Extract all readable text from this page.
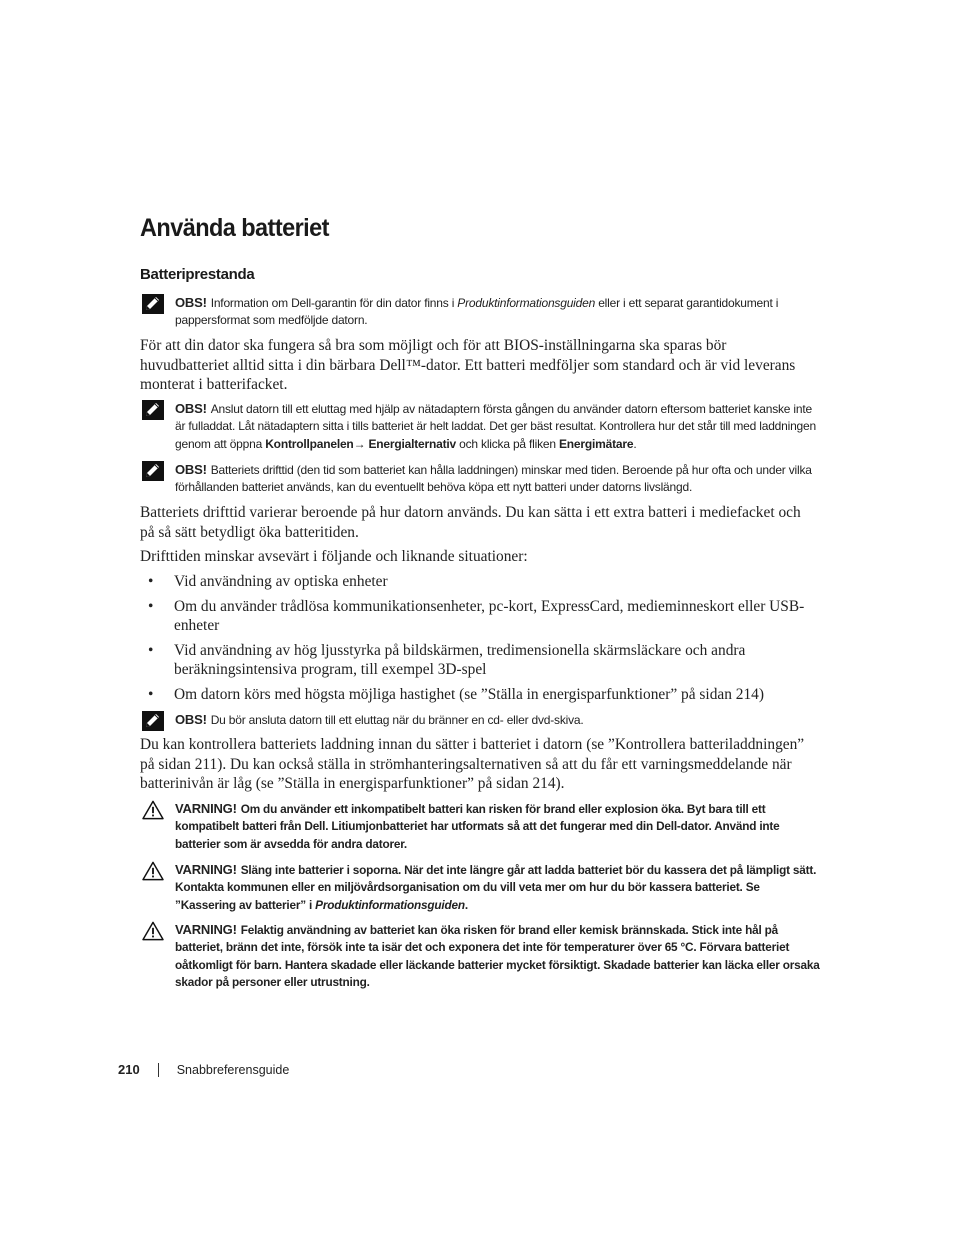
Använda batteriet
Batteriprestanda
OBS! Information om Dell-garantin för din dator finns i Produktinformationsguiden eller i ett separat garantidokument i pappersformat som medföljde datorn.

För att din dator ska fungera så bra som möjligt och för att BIOS-inställningarna ska sparas bör huvudbatteriet alltid sitta i din bärbara Dell™-dator. Ett batteri medföljer som standard och är vid leverans monterat i batterifacket.

OBS! Anslut datorn till ett eluttag med hjälp av nätadaptern första gången du använder datorn eftersom batteriet kanske inte är fulladdat. Låt nätadaptern sitta i tills batteriet är helt laddat. Det ger bäst resultat. Kontrollera hur det står till med laddningen genom att öppna Kontrollpanelen→ Energialternativ och klicka på fliken Energimätare.
OBS! Batteriets drifttid (den tid som batteriet kan hålla laddningen) minskar med tiden. Beroende på hur ofta och under vilka förhållanden batteriet används, kan du eventuellt behöva köpa ett nytt batteri under datorns livslängd.

Batteriets drifttid varierar beroende på hur datorn används. Du kan sätta i ett extra batteri i mediefacket och på så sätt betydligt öka batteritiden.

Drifttiden minskar avsevärt i följande och liknande situationer:

• Vid användning av optiska enheter
• Om du använder trådlösa kommunikationsenheter, pc-kort, ExpressCard, medieminneskort eller USB-enheter
• Vid användning av hög ljusstyrka på bildskärmen, tredimensionella skärmsläckare och andra beräkningsintensiva program, till exempel 3D-spel
• Om datorn körs med högsta möjliga hastighet (se ”Ställa in energisparfunktioner” på sidan 214)
OBS! Du bör ansluta datorn till ett eluttag när du bränner en cd- eller dvd-skiva.

Du kan kontrollera batteriets laddning innan du sätter i batteriet i datorn (se ”Kontrollera batteriladdningen” på sidan 211). Du kan också ställa in strömhanteringsalternativen så att du får ett varningsmeddelande när batterinivån är låg (se ”Ställa in energisparfunktioner” på sidan 214).

VARNING! Om du använder ett inkompatibelt batteri kan risken för brand eller explosion öka. Byt bara till ett kompatibelt batteri från Dell. Litiumjonbatteriet har utformats så att det fungerar med din Dell-dator. Använd inte batterier som är avsedda för andra datorer.
VARNING! Släng inte batterier i soporna. När det inte längre går att ladda batteriet bör du kassera det på lämpligt sätt. Kontakta kommunen eller en miljövårdsorganisation om du vill veta mer om hur du bör kassera batteriet. Se ”Kassering av batterier” i Produktinformationsguiden.
VARNING! Felaktig användning av batteriet kan öka risken för brand eller kemisk brännskada. Stick inte hål på batteriet, bränn det inte, försök inte ta isär det och exponera det inte för temperaturer över 65 °C. Förvara batteriet oåtkomligt för barn. Hantera skadade eller läckande batterier mycket försiktigt. Skadade batterier kan läcka eller orsaka skador på personer eller utrustning.
210	Snabbreferensguide
